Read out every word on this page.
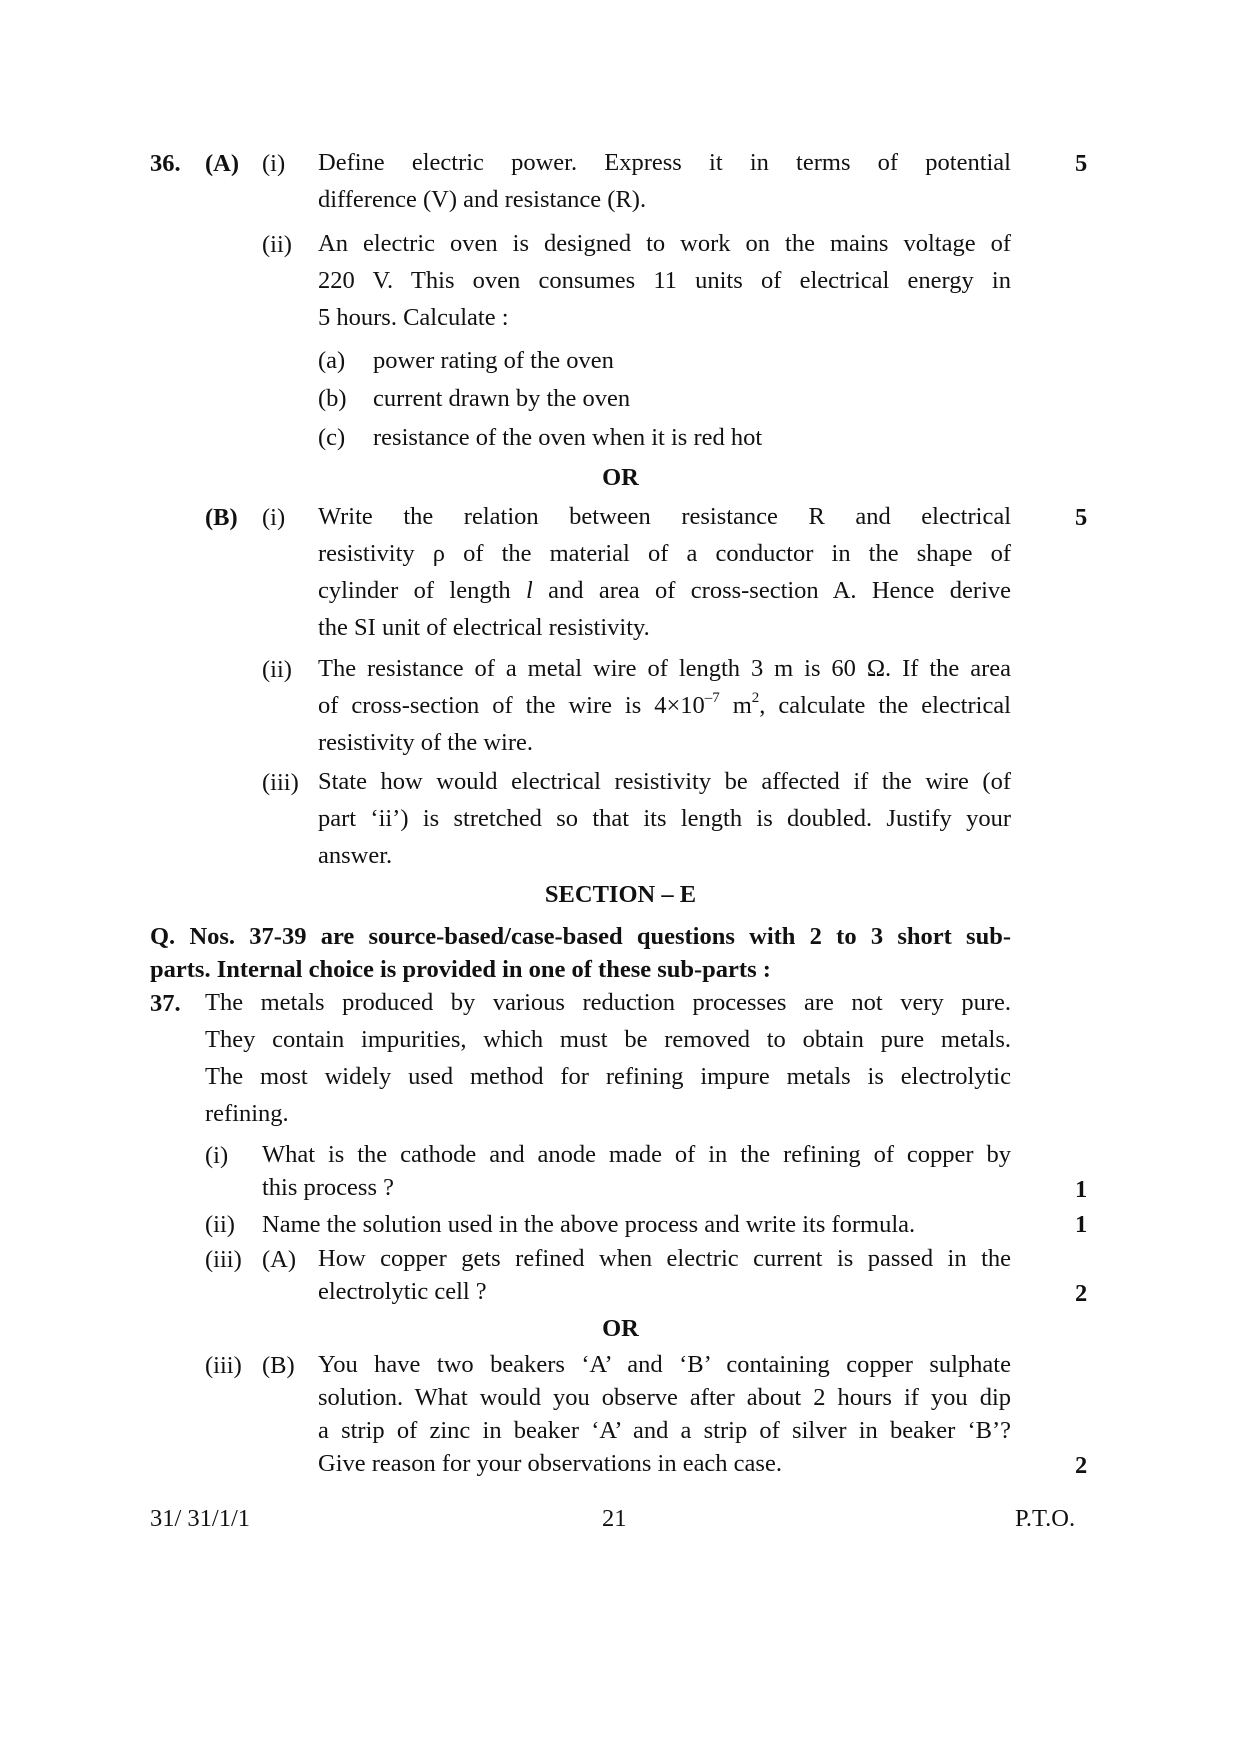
36. (A) (i)	5
Define electric power. Express it in terms of potential
difference (V) and resistance (R).
(ii) An electric oven is designed to work on the mains voltage of
220 V. This oven consumes 11 units of electrical energy in
5 hours. Calculate :
(a) power rating of the oven
(b) current drawn by the oven
(c) resistance of the oven when it is red hot
OR
(B) (i)	5
Write the relation between resistance R and electrical
resistivity ρ of the material of a conductor in the shape of
cylinder of length l and area of cross-section A. Hence derive
the SI unit of electrical resistivity.
(ii) The resistance of a metal wire of length 3 m is 60 Ω. If the area
of cross-section of the wire is $4\times 10^{-7}$ $m^2$, calculate the electrical
resistivity of the wire.
(iii) State how would electrical resistivity be affected if the wire (of
part ‘ii’) is stretched so that its length is doubled. Justify your
answer.
SECTION – E
Q. Nos. 37-39 are source-based/case-based questions with 2 to 3 short sub-
parts. Internal choice is provided in one of these sub-parts :
37. The metals produced by various reduction processes are not very pure.
They contain impurities, which must be removed to obtain pure metals.
The most widely used method for refining impure metals is electrolytic
refining.
(i) What is the cathode and anode made of in the refining of copper by
this process ?	1
(ii) Name the solution used in the above process and write its formula.	1
(iii) (A) How copper gets refined when electric current is passed in the
electrolytic cell ?	2
OR
(iii) (B) You have two beakers ‘A’ and ‘B’ containing copper sulphate
solution. What would you observe after about 2 hours if you dip
a strip of zinc in beaker ‘A’ and a strip of silver in beaker ‘B’?
Give reason for your observations in each case.	2
31/ 31/1/1	21	P.T.O.
